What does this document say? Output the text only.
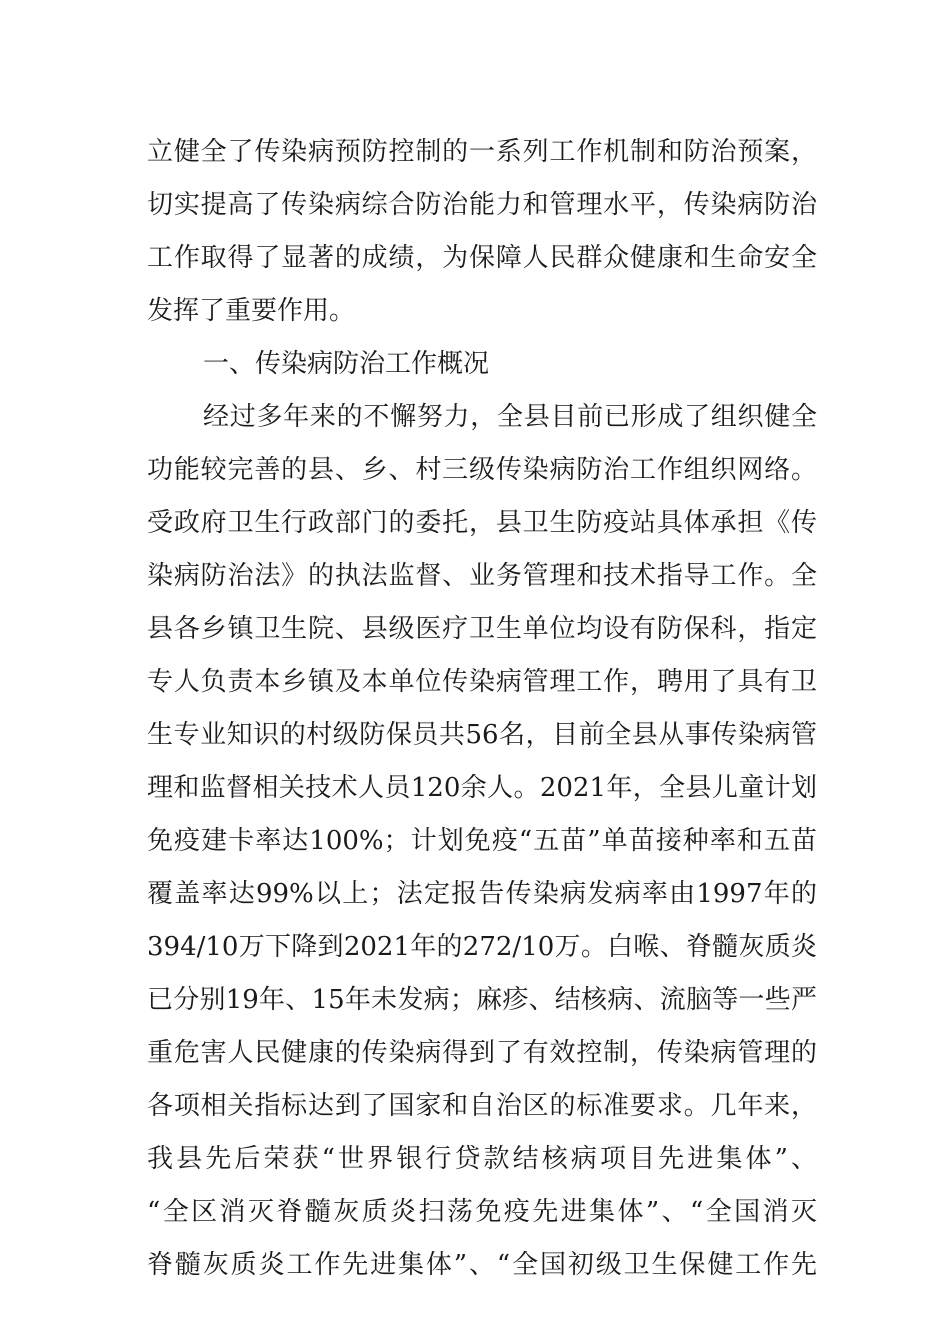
立健全了传染病预防控制的一系列工作机制和防治预案，
切实提高了传染病综合防治能力和管理水平，传染病防治
工作取得了显著的成绩，为保障人民群众健康和生命安全
发挥了重要作用。
一、传染病防治工作概况
经过多年来的不懈努力，全县目前已形成了组织健全
功能较完善的县、乡、村三级传染病防治工作组织网络。
受政府卫生行政部门的委托，县卫生防疫站具体承担《传
染病防治法》的执法监督、业务管理和技术指导工作。全
县各乡镇卫生院、县级医疗卫生单位均设有防保科，指定
专人负责本乡镇及本单位传染病管理工作，聘用了具有卫
生专业知识的村级防保员共56名，目前全县从事传染病管
理和监督相关技术人员120余人。2021年，全县儿童计划
免疫建卡率达100%；计划免疫“五苗”单苗接种率和五苗
覆盖率达99%以上；法定报告传染病发病率由1997年的
394/10万下降到2021年的272/10万。白喉、脊髓灰质炎
已分别19年、15年未发病；麻疹、结核病、流脑等一些严
重危害人民健康的传染病得到了有效控制，传染病管理的
各项相关指标达到了国家和自治区的标准要求。几年来，
我县先后荣获“世界银行贷款结核病项目先进集体”、
“全区消灭脊髓灰质炎扫荡免疫先进集体”、“全国消灭
脊髓灰质炎工作先进集体”、“全国初级卫生保健工作先
